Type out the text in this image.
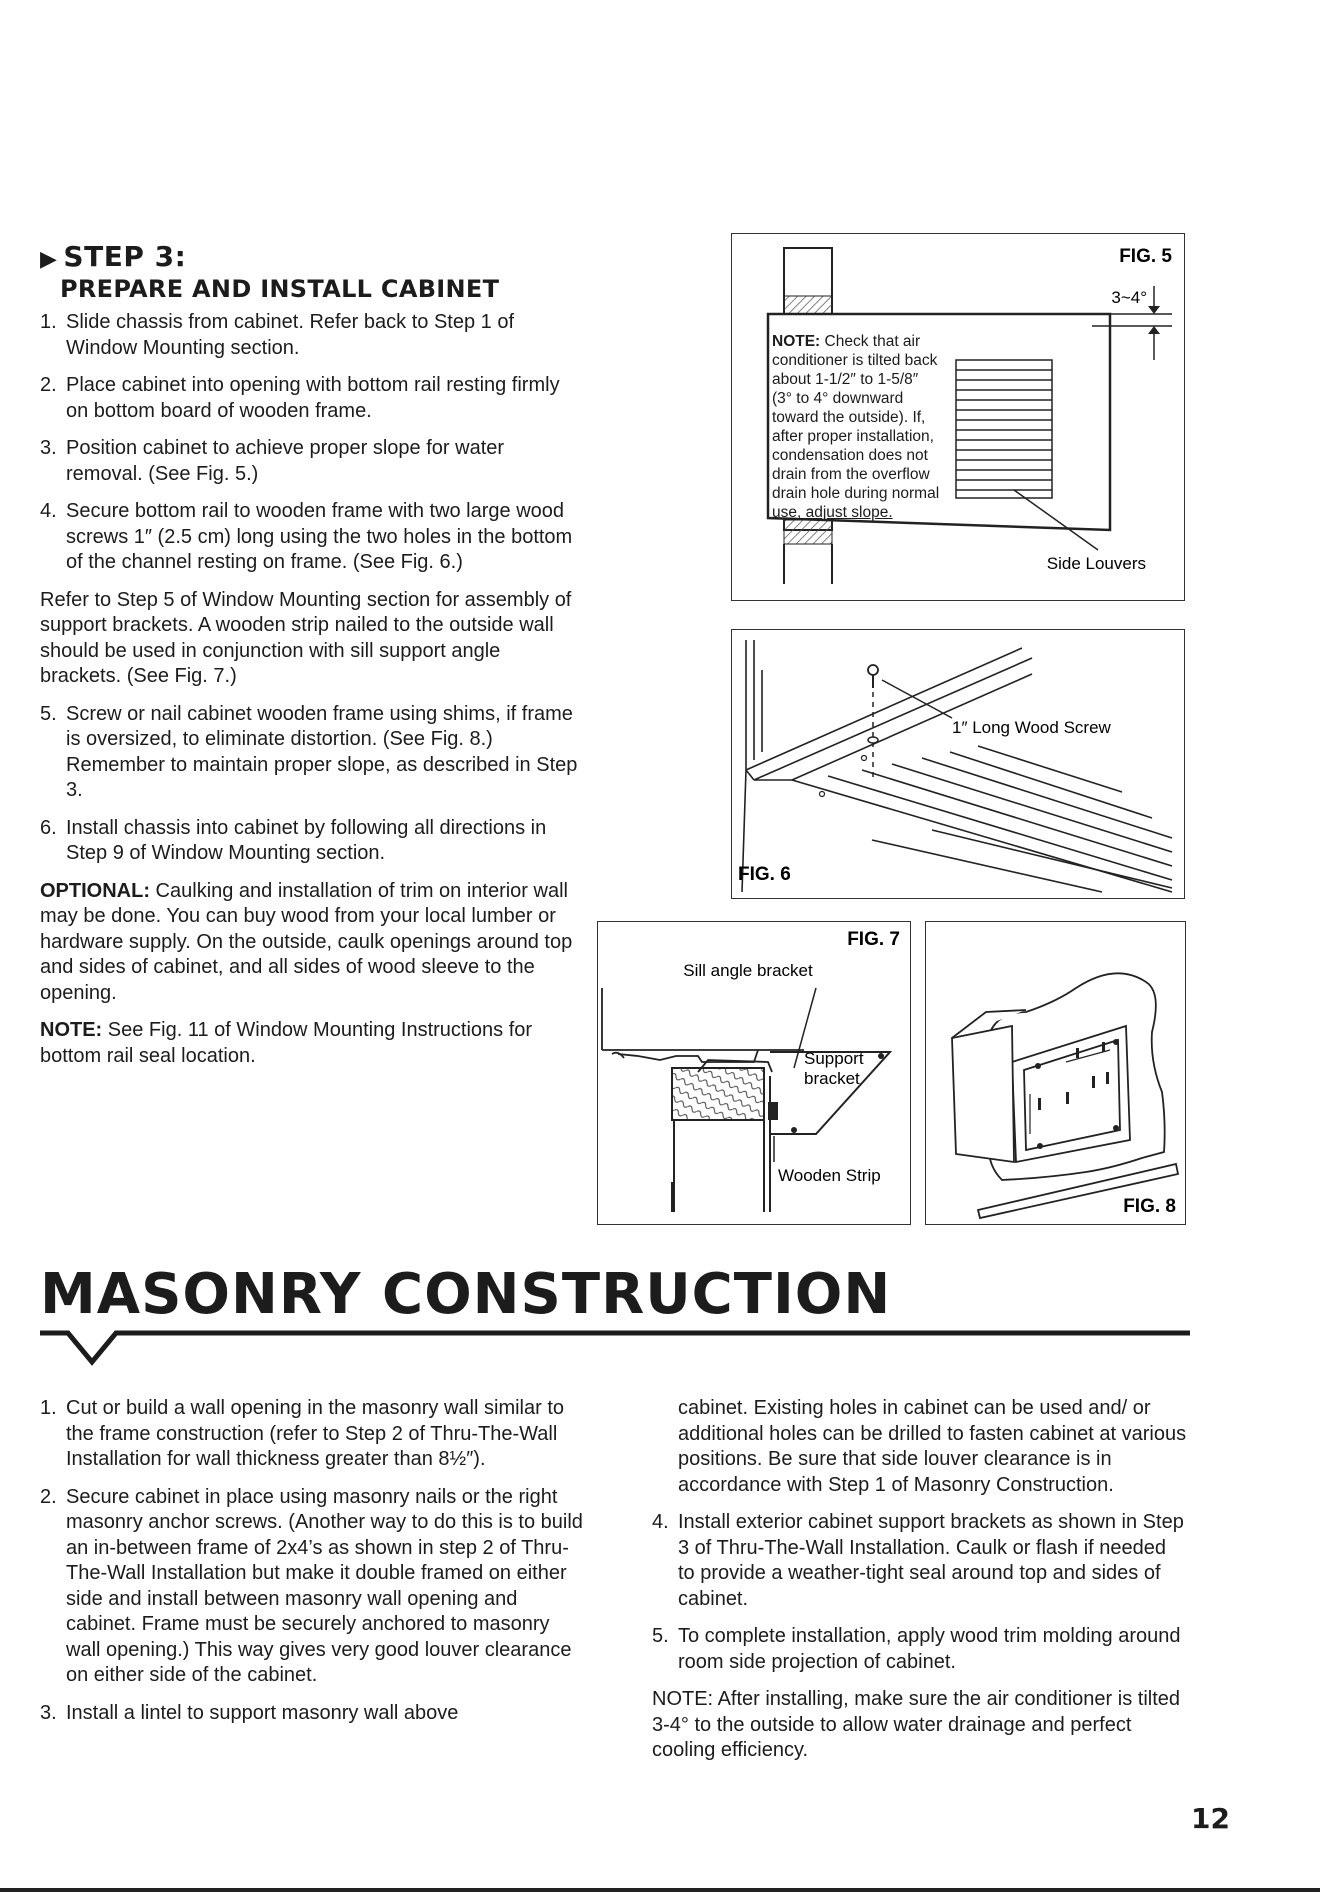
▶ STEP 3:
PREPARE AND INSTALL CABINET
1. Slide chassis from cabinet. Refer back to Step 1 of Window Mounting section.
2. Place cabinet into opening with bottom rail resting firmly on bottom board of wooden frame.
3. Position cabinet to achieve proper slope for water removal. (See Fig. 5.)
4. Secure bottom rail to wooden frame with two large wood screws 1″ (2.5 cm) long using the two holes in the bottom of the channel resting on frame. (See Fig. 6.)

Refer to Step 5 of Window Mounting section for assembly of support brackets. A wooden strip nailed to the outside wall should be used in conjunction with sill support angle brackets. (See Fig. 7.)

5. Screw or nail cabinet wooden frame using shims, if frame is oversized, to eliminate distortion. (See Fig. 8.) Remember to maintain proper slope, as described in Step 3.
6. Install chassis into cabinet by following all directions in Step 9 of Window Mounting section.

OPTIONAL: Caulking and installation of trim on interior wall may be done. You can buy wood from your local lumber or hardware supply. On the outside, caulk openings around top and sides of cabinet, and all sides of wood sleeve to the opening.

NOTE: See Fig. 11 of Window Mounting Instructions for bottom rail seal location.

FIG. 5
3~4°
Side Louvers
NOTE: Check that air
conditioner is tilted back
about 1-1/2″ to 1-5/8″
(3° to 4° downward
toward the outside). If,
after proper installation,
condensation does not
drain from the overflow
drain hole during normal
use, adjust slope.
1″ Long Wood Screw
FIG. 6
FIG. 7
Sill angle bracket
Support
bracket
Wooden Strip
FIG. 8
MASONRY CONSTRUCTION
1. Cut or build a wall opening in the masonry wall similar to the frame construction (refer to Step 2 of Thru-The-Wall Installation for wall thickness greater than 8½″).
2. Secure cabinet in place using masonry nails or the right masonry anchor screws. (Another way to do this is to build an in-between frame of 2x4’s as shown in step 2 of Thru-The-Wall Installation but make it double framed on either side and install between masonry wall opening and cabinet. Frame must be securely anchored to masonry wall opening.) This way gives very good louver clearance on either side of the cabinet.
3. Install a lintel to support masonry wall above

cabinet. Existing holes in cabinet can be used and/ or additional holes can be drilled to fasten cabinet at various positions. Be sure that side louver clearance is in accordance with Step 1 of Masonry Construction.

4. Install exterior cabinet support brackets as shown in Step 3 of Thru-The-Wall Installation. Caulk or flash if needed to provide a weather-tight seal around top and sides of cabinet.
5. To complete installation, apply wood trim molding around room side projection of cabinet.

NOTE: After installing, make sure the air conditioner is tilted 3-4° to the outside to allow water drainage and perfect cooling efficiency.

12
